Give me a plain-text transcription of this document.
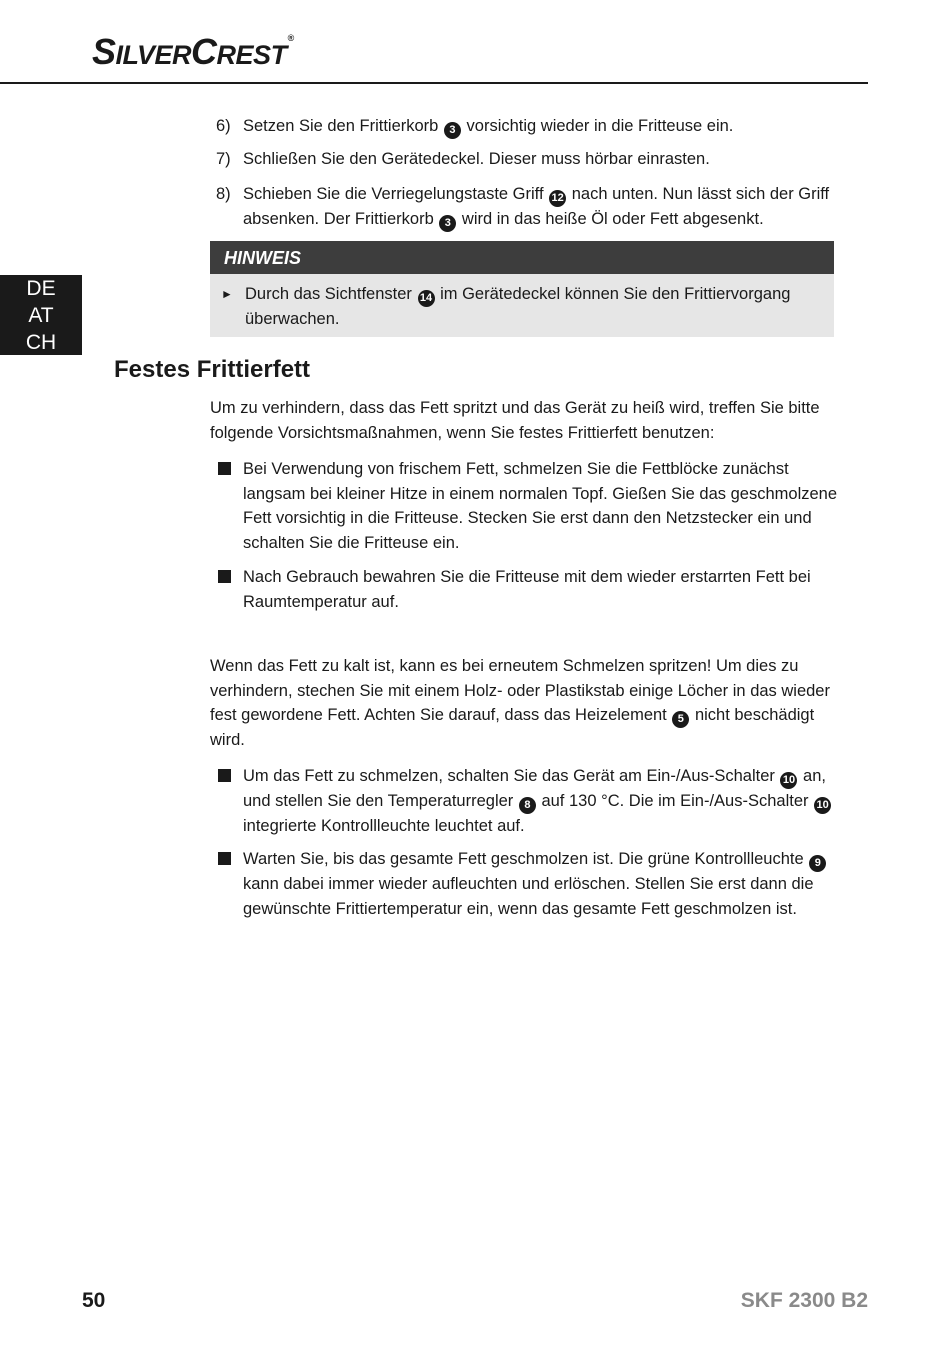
SILVERCREST®
DE
AT
CH
6) Setzen Sie den Frittierkorb 3 vorsichtig wieder in die Fritteuse ein.
7) Schließen Sie den Gerätedeckel. Dieser muss hörbar einrasten.
8) Schieben Sie die Verriegelungstaste Griff 12 nach unten. Nun lässt sich der Griff absenken. Der Frittierkorb 3 wird in das heiße Öl oder Fett abgesenkt.
HINWEIS
► Durch das Sichtfenster 14 im Gerätedeckel können Sie den Frittiervorgang überwachen.
Festes Frittierfett

Um zu verhindern, dass das Fett spritzt und das Gerät zu heiß wird, treffen Sie bitte folgende Vorsichtsmaßnahmen, wenn Sie festes Frittierfett benutzen:

Bei Verwendung von frischem Fett, schmelzen Sie die Fettblöcke zunächst langsam bei kleiner Hitze in einem normalen Topf. Gießen Sie das geschmolzene Fett vorsichtig in die Fritteuse. Stecken Sie erst dann den Netzstecker ein und schalten Sie die Fritteuse ein.
Nach Gebrauch bewahren Sie die Fritteuse mit dem wieder erstarrten Fett bei Raumtemperatur auf.

Wenn das Fett zu kalt ist, kann es bei erneutem Schmelzen spritzen! Um dies zu verhindern, stechen Sie mit einem Holz- oder Plastikstab einige Löcher in das wieder fest gewordene Fett. Achten Sie darauf, dass das Heizelement 5 nicht beschädigt wird.

Um das Fett zu schmelzen, schalten Sie das Gerät am Ein-/Aus-Schalter 10 an, und stellen Sie den Temperaturregler 8 auf 130 °C. Die im Ein-/Aus-Schalter 10 integrierte Kontrollleuchte leuchtet auf.
Warten Sie, bis das gesamte Fett geschmolzen ist. Die grüne Kontrollleuchte 9 kann dabei immer wieder aufleuchten und erlöschen. Stellen Sie erst dann die gewünschte Frittiertemperatur ein, wenn das gesamte Fett geschmolzen ist.
50	SKF 2300 B2
